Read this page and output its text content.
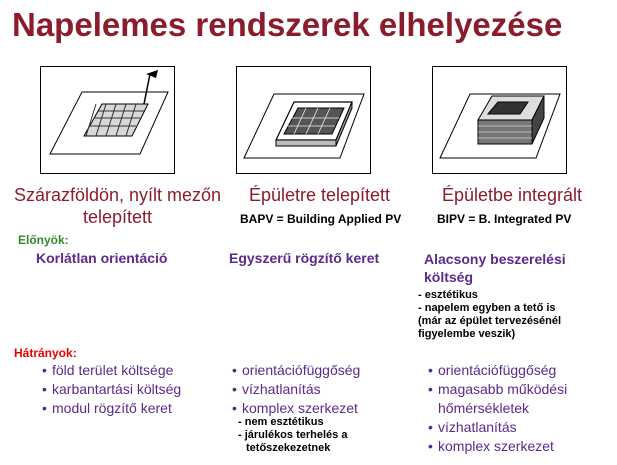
Napelemes rendszerek elhelyezése
Szárazföldön, nyílt mezőn telepített
Épületre telepített	Épületbe integrált
BAPV = Building Applied PV	BIPV = B. Integrated PV
Előnyök:
Korlátlan orientáció	Egyszerű rögzítő keret	Alacsony beszerelési költség
- esztétikus
- napelem egyben a tető is
(már az épület tervezésénél
figyelembe veszik)
Hátrányok:
• föld terület költsége
• karbantartási költség
• modul rögzítő keret
• orientációfüggőség
• vízhatlanítás
• komplex szerkezet
- nem esztétikus
- járulékos terhelés a
tetőszekezetnek
• orientációfüggőség
• magasabb működési hőmérsékletek
• vízhatlanítás
• komplex szerkezet
